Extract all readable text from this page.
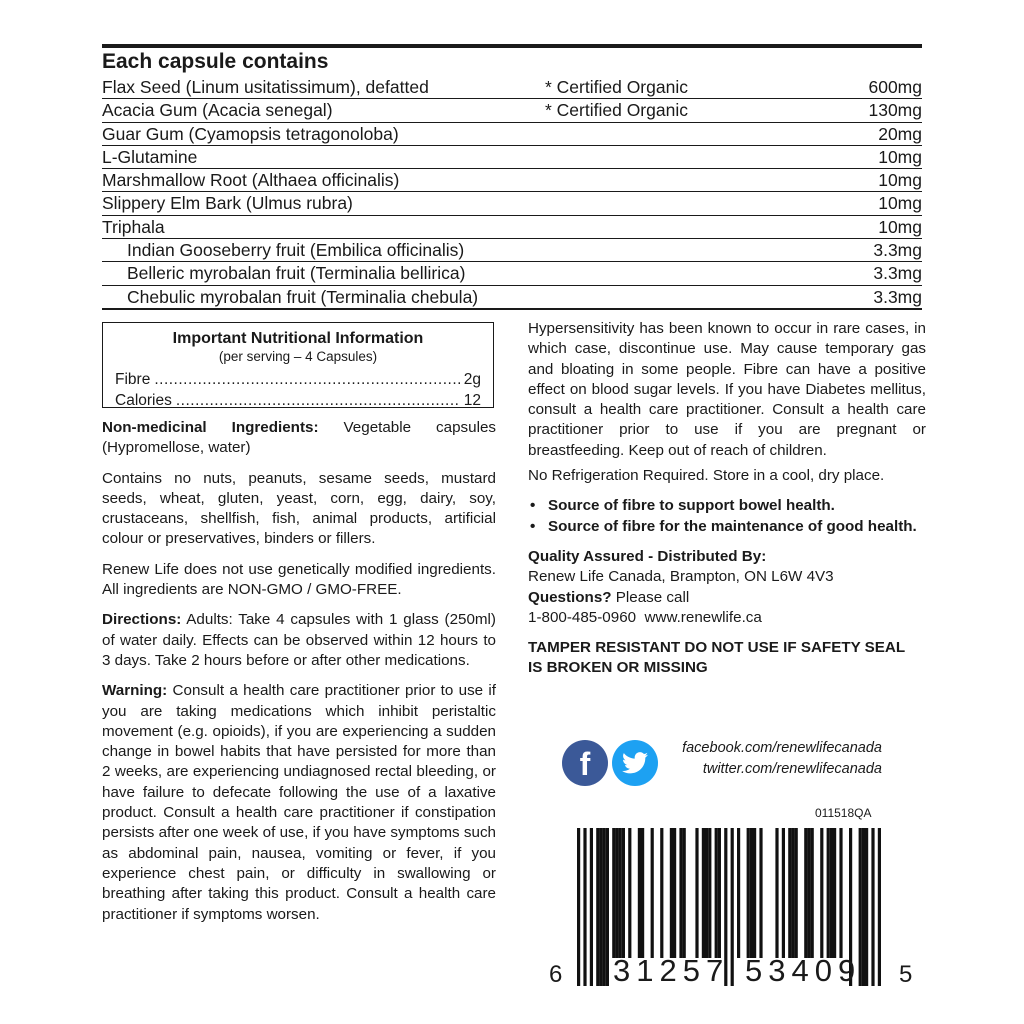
Each capsule contains
Flax Seed (Linum usitatissimum), defatted	* Certified Organic	600mg
Acacia Gum (Acacia senegal)	* Certified Organic	130mg
Guar Gum (Cyamopsis tetragonoloba)	20mg
L-Glutamine	10mg
Marshmallow Root (Althaea officinalis)	10mg
Slippery Elm Bark (Ulmus rubra)	10mg
Triphala	10mg
Indian Gooseberry fruit (Embilica officinalis)	3.3mg
Belleric myrobalan fruit (Terminalia bellirica)	3.3mg
Chebulic myrobalan fruit (Terminalia chebula)	3.3mg
Important Nutritional Information
(per serving – 4 Capsules)
Fibre .....	2g
Calories .....	12

Non-medicinal Ingredients: Vegetable capsules (Hypromellose, water)

Contains no nuts, peanuts, sesame seeds, mustard seeds, wheat, gluten, yeast, corn, egg, dairy, soy, crustaceans, shellfish, fish, animal products, artificial colour or preservatives, binders or fillers.

Renew Life does not use genetically modified ingredients. All ingredients are NON-GMO / GMO-FREE.

Directions: Adults: Take 4 capsules with 1 glass (250ml) of water daily. Effects can be observed within 12 hours to 3 days. Take 2 hours before or after other medications.

Warning: Consult a health care practitioner prior to use if you are taking medications which inhibit peristaltic movement (e.g. opioids), if you are experiencing a sudden change in bowel habits that have persisted for more than 2 weeks, are experiencing undiagnosed rectal bleeding, or have failure to defecate following the use of a laxative product. Consult a health care practitioner if constipation persists after one week of use, if you have symptoms such as abdominal pain, nausea, vomiting or fever, if you experience chest pain, or difficulty in swallowing or breathing after taking this product. Consult a health care practitioner if symptoms worsen.

Hypersensitivity has been known to occur in rare cases, in which case, discontinue use. May cause temporary gas and bloating in some people. Fibre can have a positive effect on blood sugar levels. If you have Diabetes mellitus, consult a health care practitioner. Consult a health care practitioner prior to use if you are pregnant or breastfeeding. Keep out of reach of children.

No Refrigeration Required. Store in a cool, dry place.

• Source of fibre to support bowel health.
• Source of fibre for the maintenance of good health.

Quality Assured - Distributed By:

Renew Life Canada, Brampton, ON L6W 4V3

Questions? Please call

1-800-485-0960  www.renewlife.ca

TAMPER RESISTANT DO NOT USE IF SAFETY SEAL IS BROKEN OR MISSING

f	facebook.com/renewlifecanada
twitter.com/renewlifecanada
011518QA
6 31257 53409 5
